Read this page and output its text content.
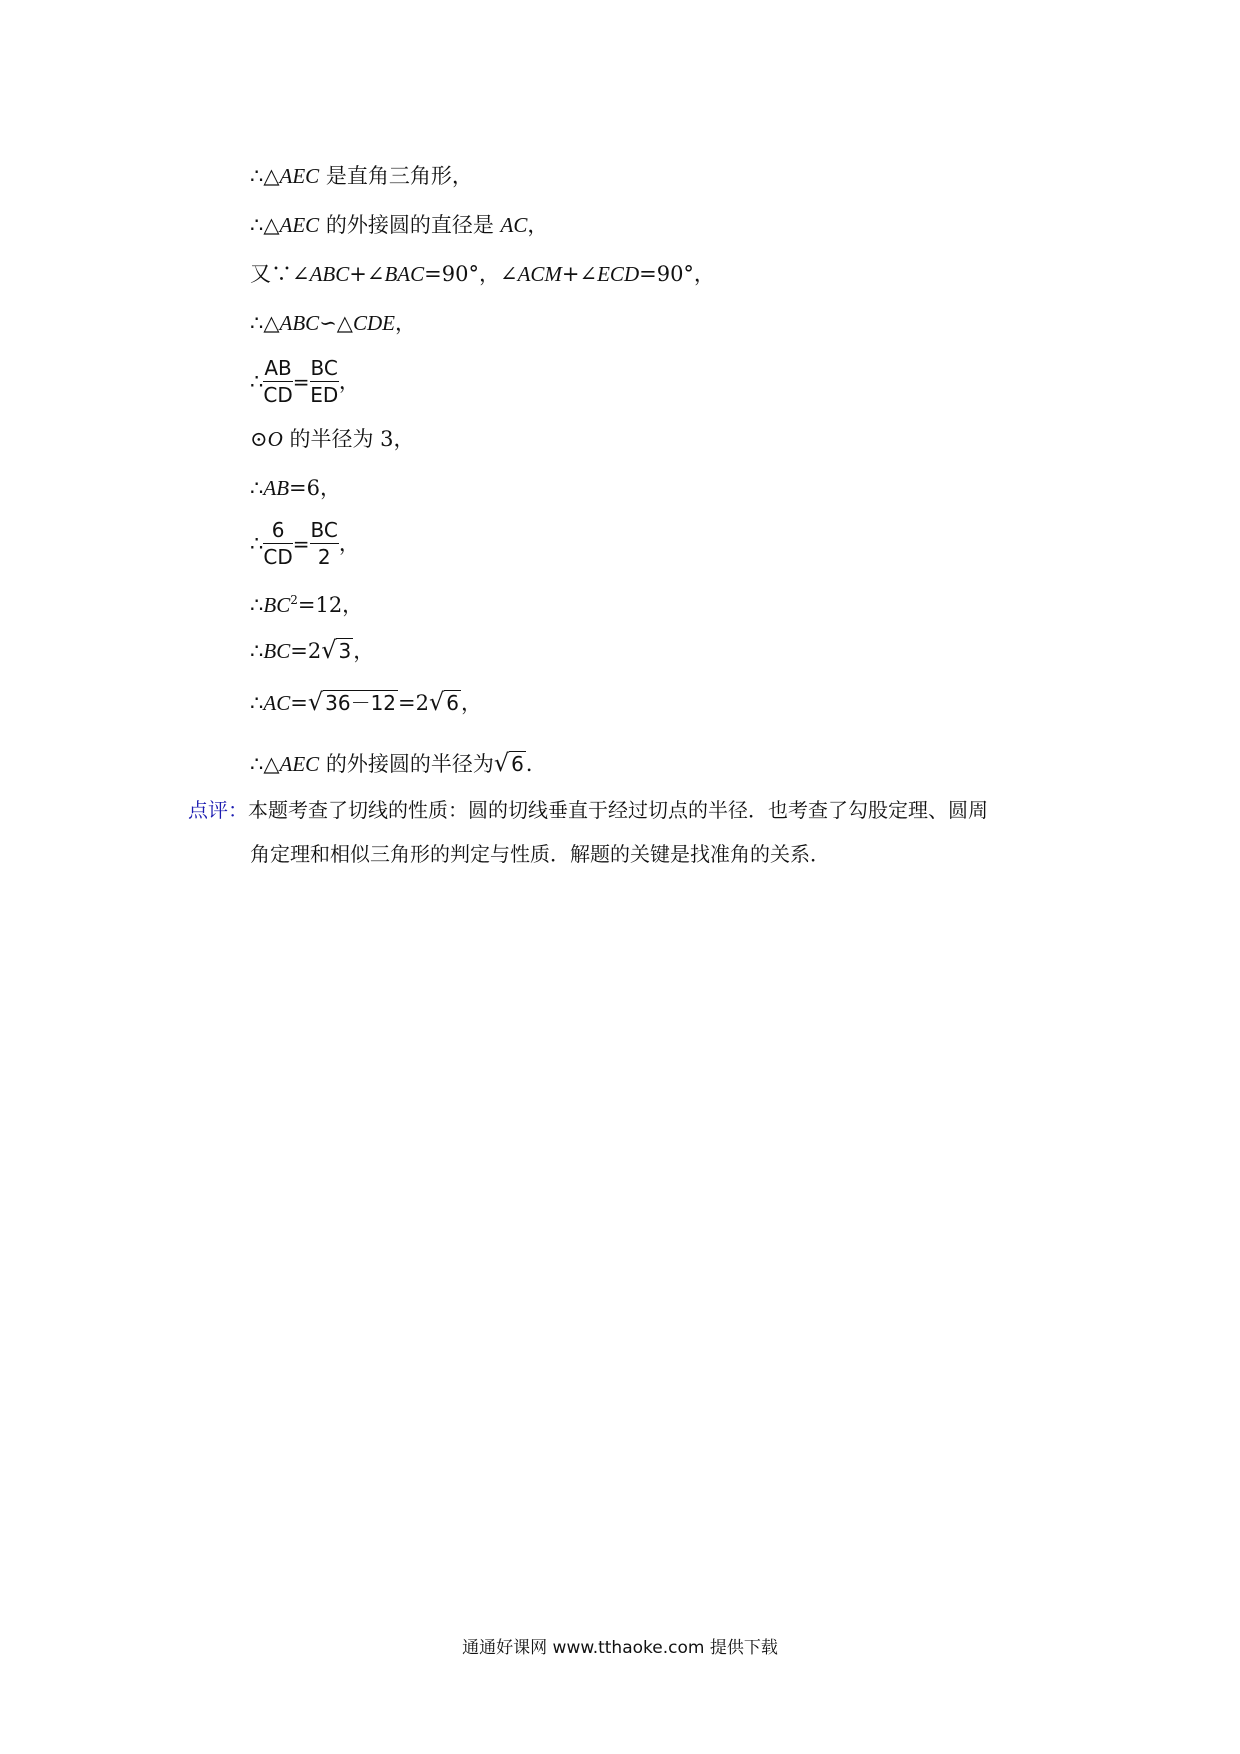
∴△AEC 是直角三角形，
∴△AEC 的外接圆的直径是 AC，
又∵∠ABC+∠BAC=90°，∠ACM+∠ECD=90°，
∴△ABC∽△CDE，
∴ $\frac{AB}{CD} = \frac{BC}{ED}$ ，
⊙O 的半径为 3，
∴AB=6，
∴ $\frac{6}{CD} = \frac{BC}{2}$ ，
$\therefore BC^2=12$，
∴BC=2√ 3，
∴AC=√ 36－12=2√ 6，
∴△AEC 的外接圆的半径为√ 6．
点评：本题考查了切线的性质：圆的切线垂直于经过切点的半径．也考查了勾股定理、圆周
角定理和相似三角形的判定与性质．解题的关键是找准角的关系．
通通好课网 www.tthaoke.com 提供下载
